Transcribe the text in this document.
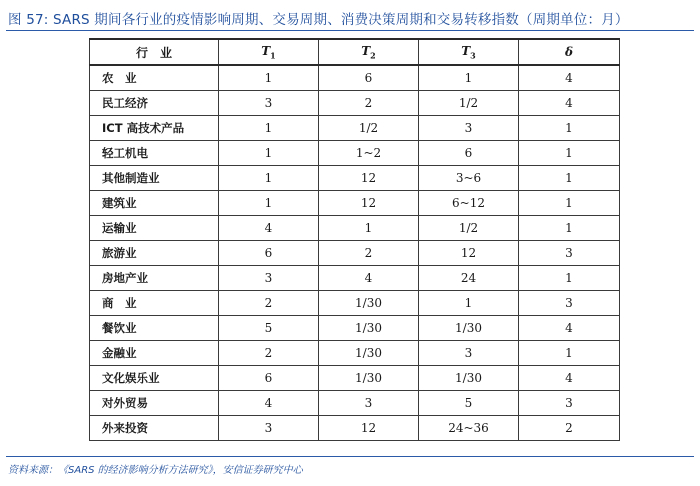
图 57: SARS 期间各行业的疫情影响周期、交易周期、消费决策周期和交易转移指数（周期单位：月）
行　业	$T_1$	$T_2$	$T_3$	δ
农　业	1	6	1	4
民工经济	3	2	1/2	4
ICT 高技术产品	1	1/2	3	1
轻工机电	1	1~2	6	1
其他制造业	1	12	3~6	1
建筑业	1	12	6~12	1
运输业	4	1	1/2	1
旅游业	6	2	12	3
房地产业	3	4	24	1
商　业	2	1/30	1	3
餐饮业	5	1/30	1/30	4
金融业	2	1/30	3	1
文化娱乐业	6	1/30	1/30	4
对外贸易	4	3	5	3
外来投资	3	12	24~36	2
资料来源：《SARS 的经济影响分析方法研究》，安信证券研究中心
